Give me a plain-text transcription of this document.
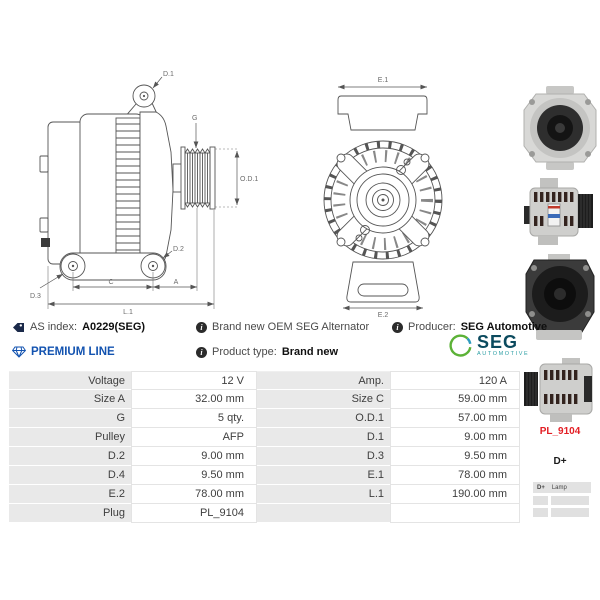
D.1
G
O.D.1
D.2
D.3
C	A
L.1
E.1
E.2
PL_9104
D+
D+ Lamp
AS index: A0229(SEG)	i Brand new OEM SEG Alternator	i Producer: SEG Automotive
PREMIUM LINE	i Product type: Brand new	SEG
AUTOMOTIVE
Voltage	12 V	Amp.	120 A
Size A	32.00 mm	Size C	59.00 mm
G	5 qty.	O.D.1	57.00 mm
Pulley	AFP	D.1	9.00 mm
D.2	9.00 mm	D.3	9.50 mm
D.4	9.50 mm	E.1	78.00 mm
E.2	78.00 mm	L.1	190.00 mm
Plug	PL_9104
